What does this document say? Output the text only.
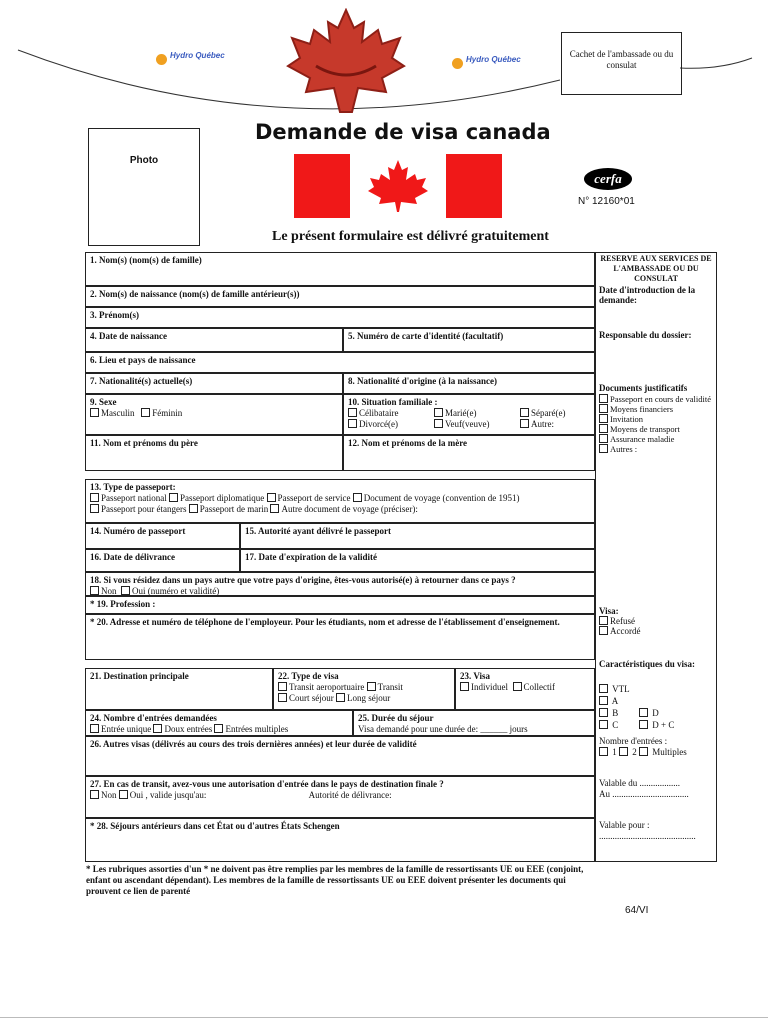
Hydro Québec	Hydro Québec
Cachet de l'ambassade ou du consulat
Photo
Demande de visa canada
cerfa
N° 12160*01
Le présent formulaire est délivré gratuitement
1. Nom(s) (nom(s) de famille)
2. Nom(s) de naissance (nom(s) de famille antérieur(s))
3. Prénom(s)
4. Date de naissance	5. Numéro de carte d'identité (facultatif)
6. Lieu et pays de naissance
7. Nationalité(s) actuelle(s)	8. Nationalité d'origine (à la naissance)
9. Sexe
Masculin Féminin
10. Situation familiale :
Célibataire	Marié(e)	Séparé(e)
Divorcé(e)	Veuf(veuve)	Autre:
11. Nom et prénoms du père	12. Nom et prénoms de la mère
13. Type de passeport:
Passeport national Passeport diplomatique Passeport de service Document de voyage (convention de 1951)
Passeport pour étangers Passeport de marin Autre document de voyage (préciser):
14. Numéro de passeport	15. Autorité ayant délivré le passeport
16. Date de délivrance	17. Date d'expiration de la validité
18. Si vous résidez dans un pays autre que votre pays d'origine, êtes-vous autorisé(e) à retourner dans ce pays ?
Non Oui (numéro et validité)
* 19. Profession :
* 20. Adresse et numéro de téléphone de l'employeur. Pour les étudiants, nom et adresse de l'établissement d'enseignement.
21. Destination principale	22. Type de visa
Transit aeroportuaire Transit
Court séjour Long séjour
23. Visa
Individuel Collectif
24. Nombre d'entrées demandées
Entrée unique Doux entrées Entrées multiples
25. Durée du séjour
Visa demandé pour une durée de: ______ jours
26. Autres visas (délivrés au cours des trois dernières années) et leur durée de validité
27. En cas de transit, avez-vous une autorisation d'entrée dans le pays de destination finale ?
Non Oui , valide jusqu'au:	Autorité de délivrance:
* 28. Séjours antérieurs dans cet État ou d'autres États Schengen
RESERVE AUX SERVICES DE L'AMBASSADE OU DU CONSULAT
Date d'introduction de la demande:
Responsable du dossier:
Documents justificatifs
Passeport en cours de validité
Moyens financiers
Invitation
Moyens de transport
Assurance maladie
Autres :
Visa:
Refusé
Accordé
Caractéristiques du visa:
VTL
A
B	D
C	D + C
Nombre d'entrées :
1 2 Multiples
Valable du ..................
Au ..................................
Valable pour :
...........................................
* Les rubriques assorties d'un * ne doivent pas être remplies par les membres de la famille de ressortissants UE ou EEE (conjoint, enfant ou ascendant dépendant). Les membres de la famille de ressortissants UE ou EEE doivent présenter les documents qui prouvent ce lien de parenté
64/VI
